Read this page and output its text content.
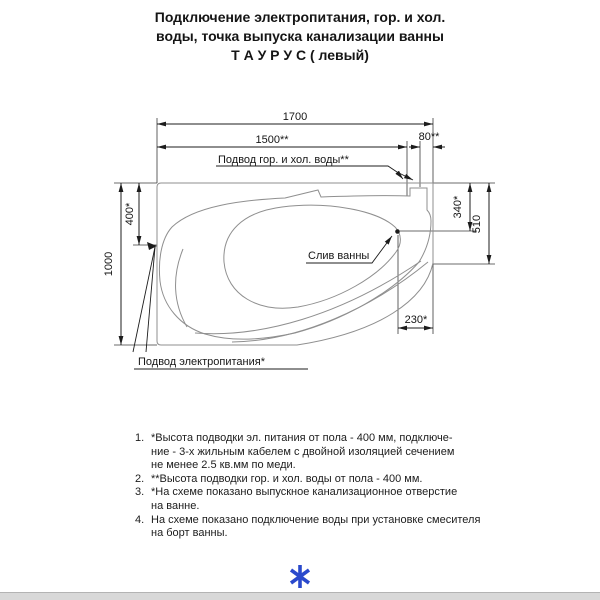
Подключение электропитания, гор. и хол.
воды, точка выпуска канализации ванны
Т А У Р У С ( левый)
1700
1500**	80**
1000
400*	340*
510
230*
Подвод гор. и хол. воды**
Слив ванны
Подвод электропитания*
1. *Высота подводки эл. питания от пола - 400 мм, подключе-
ние - 3-х жильным кабелем с двойной изоляцией сечением
не менее 2.5 кв.мм по меди.
2. **Высота подводки гор. и хол. воды от пола - 400 мм.
3. *На схеме показано выпускное канализационное отверстие
на ванне.
4. На схеме показано подключение воды при установке смесителя
на борт ванны.
